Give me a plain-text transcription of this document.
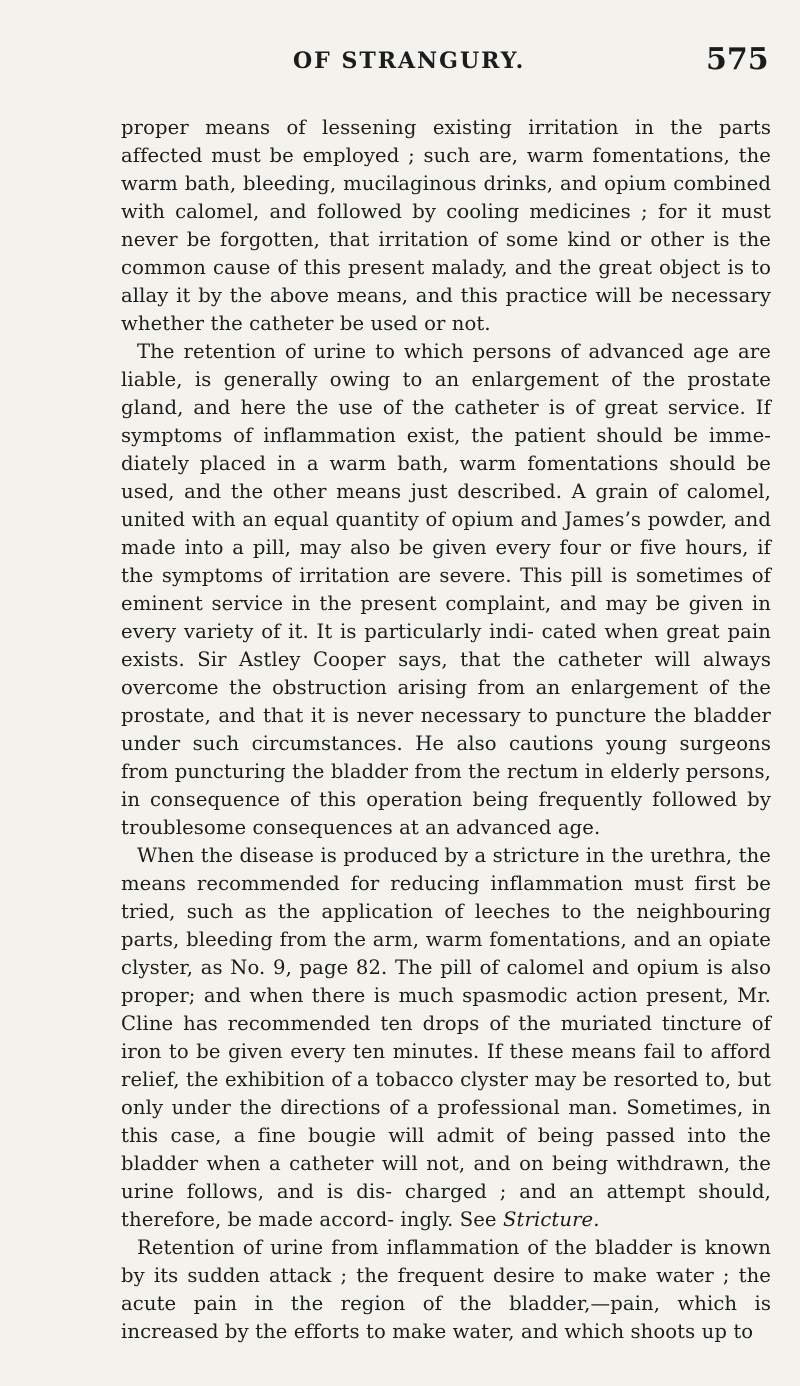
OF STRANGURY.	575

proper means of lessening existing irritation in the parts affected must be employed ; such are, warm fomentations, the warm bath, bleeding, mucilaginous drinks, and opium combined with calomel, and followed by cooling medicines ; for it must never be forgotten, that irritation of some kind or other is the common cause of this present malady, and the great object is to allay it by the above means, and this practice will be necessary whether the catheter be used or not.

The retention of urine to which persons of advanced age are liable, is generally owing to an enlargement of the prostate gland, and here the use of the catheter is of great service. If symptoms of inflammation exist, the patient should be imme- diately placed in a warm bath, warm fomentations should be used, and the other means just described. A grain of calomel, united with an equal quantity of opium and James’s powder, and made into a pill, may also be given every four or five hours, if the symptoms of irritation are severe. This pill is sometimes of eminent service in the present complaint, and may be given in every variety of it. It is particularly indi- cated when great pain exists. Sir Astley Cooper says, that the catheter will always overcome the obstruction arising from an enlargement of the prostate, and that it is never necessary to puncture the bladder under such circumstances. He also cautions young surgeons from puncturing the bladder from the rectum in elderly persons, in consequence of this operation being frequently followed by troublesome consequences at an advanced age.

When the disease is produced by a stricture in the urethra, the means recommended for reducing inflammation must first be tried, such as the application of leeches to the neighbouring parts, bleeding from the arm, warm fomentations, and an opiate clyster, as No. 9, page 82. The pill of calomel and opium is also proper; and when there is much spasmodic action present, Mr. Cline has recommended ten drops of the muriated tincture of iron to be given every ten minutes. If these means fail to afford relief, the exhibition of a tobacco clyster may be resorted to, but only under the directions of a professional man. Sometimes, in this case, a fine bougie will admit of being passed into the bladder when a catheter will not, and on being withdrawn, the urine follows, and is dis- charged ; and an attempt should, therefore, be made accord- ingly. See Stricture.

Retention of urine from inflammation of the bladder is known by its sudden attack ; the frequent desire to make water ; the acute pain in the region of the bladder,—pain, which is increased by the efforts to make water, and which shoots up to
